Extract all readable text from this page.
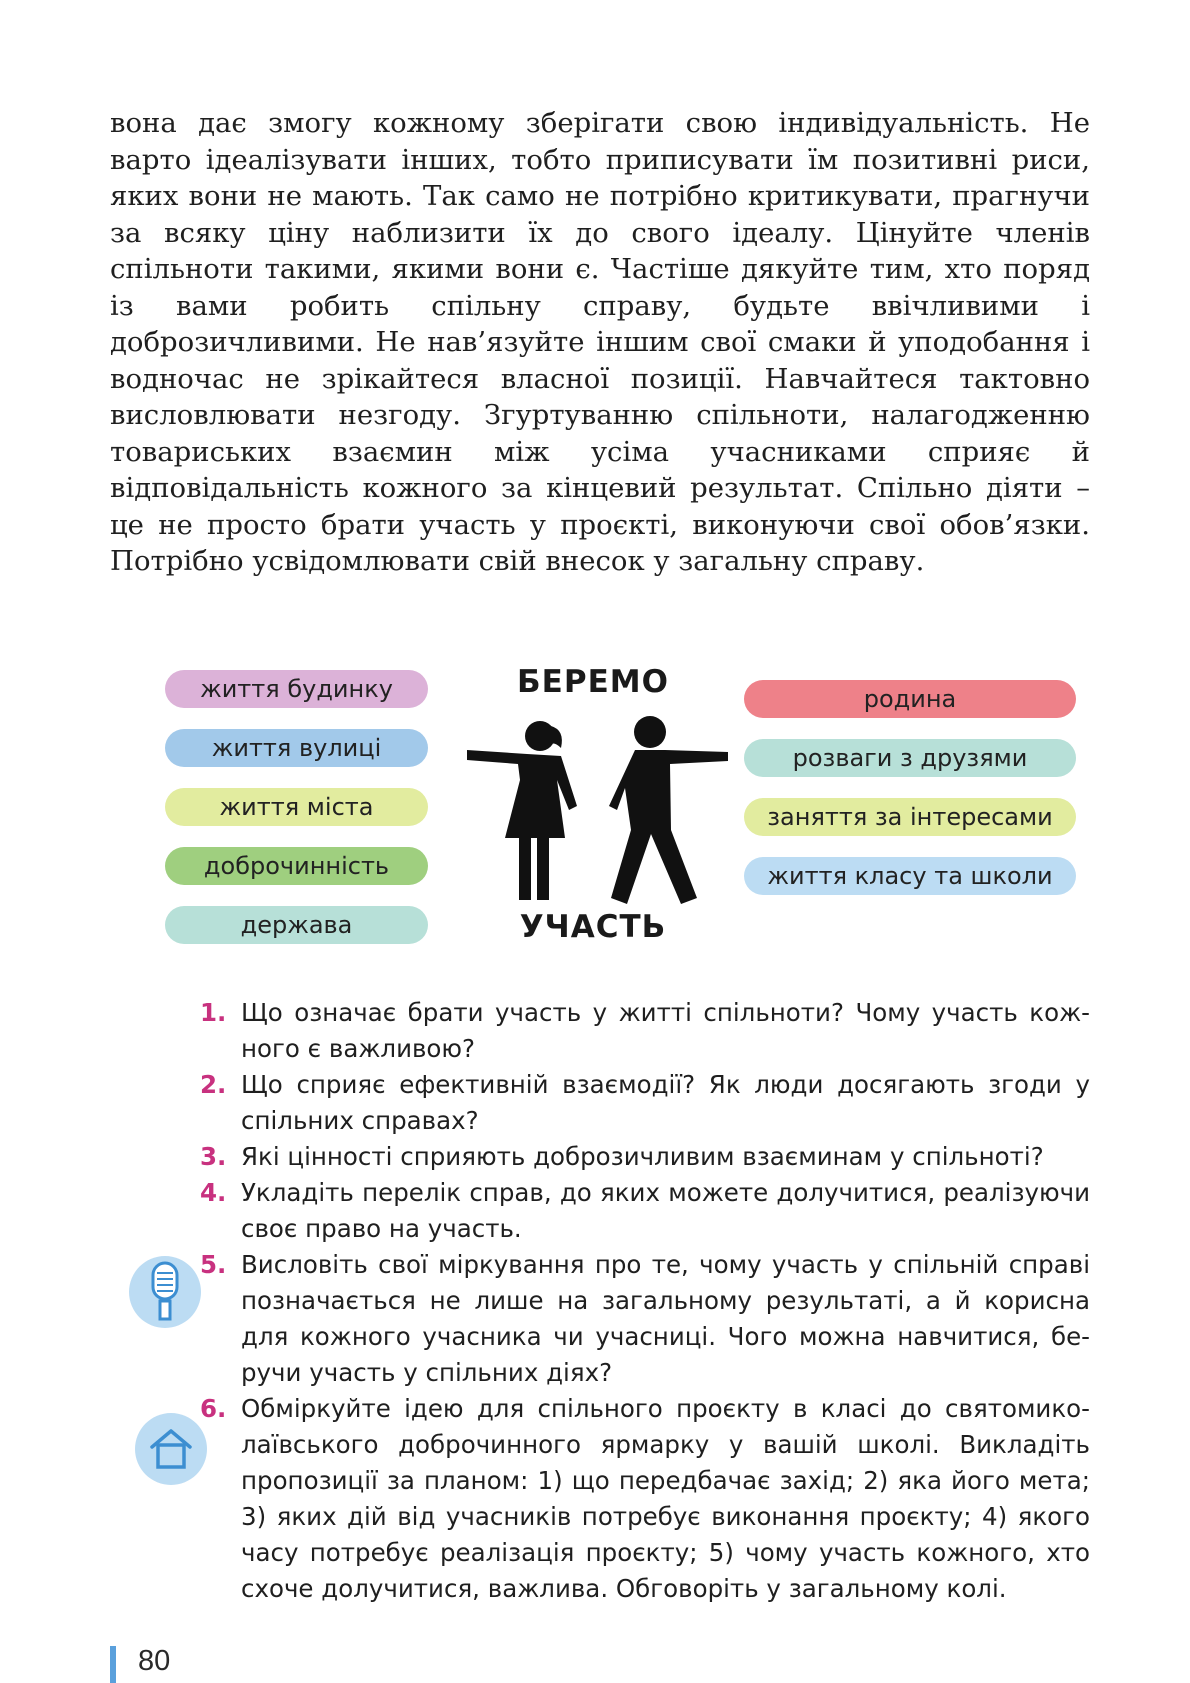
вона дає змогу кожному зберігати свою індивідуальність. Не варто ідеалізувати інших, тобто приписувати їм позитивні риси, яких вони не мають. Так само не потрібно критикувати, прагнучи за всяку ціну наблизити їх до свого ідеалу. Цінуйте членів спільноти такими, якими вони є. Частіше дякуйте тим, хто поряд із вами робить спільну справу, будьте ввічливими і доброзичливими. Не нав’язуйте іншим свої смаки й уподобання і водночас не зрікайтеся власної позиції. Навчайтеся тактовно висловлювати незгоду. Згуртуванню спільноти, налагодженню товариських взаємин між усіма учасниками сприяє й відповідальність кожного за кінцевий результат. Спільно діяти – це не просто брати участь у проєкті, виконуючи свої обов’язки. Потрібно усвідомлювати свій внесок у загальну справу.

життя будинку
життя вулиці
життя міста
доброчинність
держава
БЕРЕМО
УЧАСТЬ
родина
розваги з друзями
заняття за інтересами
життя класу та школи

1. Що означає брати участь у житті спільноти? Чому участь кожного є важливою?

2. Що сприяє ефективній взаємодії? Як люди досягають згоди у спільних справах?

3. Які цінності сприяють доброзичливим взаєминам у спільноті?

4. Укладіть перелік справ, до яких можете долучитися, реалізуючи своє право на участь.

5. Висловіть свої міркування про те, чому участь у спільній справі позначається не лише на загальному результаті, а й корисна для кожного учасника чи учасниці. Чого можна навчитися, беручи участь у спільних діях?

6. Обміркуйте ідею для спільного проєкту в класі до святомиколаївського доброчинного ярмарку у вашій школі. Викладіть пропозиції за планом: 1) що передбачає захід; 2) яка його мета; 3) яких дій від учасників потребує виконання проєкту; 4) якого часу потребує реалізація проєкту; 5) чому участь кожного, хто схоче долучитися, важлива. Обговоріть у загальному колі.

80
